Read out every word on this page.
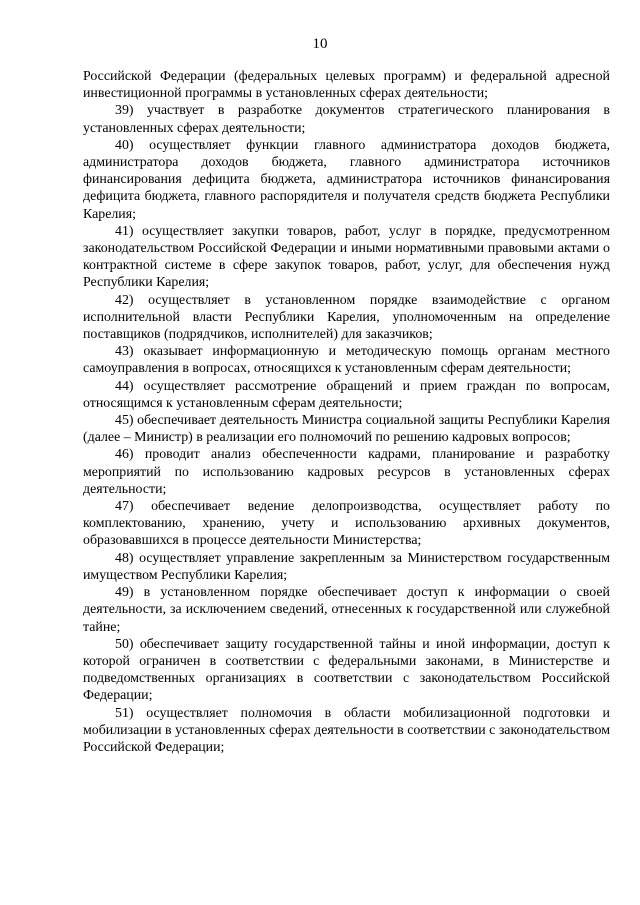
10

Российской Федерации (федеральных целевых программ) и федеральной адресной инвестиционной программы в установленных сферах деятельности;

39) участвует в разработке документов стратегического планирования в установленных сферах деятельности;

40) осуществляет функции главного администратора доходов бюджета, администратора доходов бюджета, главного администратора источников финансирования дефицита бюджета, администратора источников финансирования дефицита бюджета, главного распорядителя и получателя средств бюджета Республики Карелия;

41) осуществляет закупки товаров, работ, услуг в порядке, предусмотренном законодательством Российской Федерации и иными нормативными правовыми актами о контрактной системе в сфере закупок товаров, работ, услуг, для обеспечения нужд Республики Карелия;

42) осуществляет в установленном порядке взаимодействие с органом исполнительной власти Республики Карелия, уполномоченным на определение поставщиков (подрядчиков, исполнителей) для заказчиков;

43) оказывает информационную и методическую помощь органам местного самоуправления в вопросах, относящихся к установленным сферам деятельности;

44) осуществляет рассмотрение обращений и прием граждан по вопросам, относящимся к установленным сферам деятельности;

45) обеспечивает деятельность Министра социальной защиты Республики Карелия (далее – Министр) в реализации его полномочий по решению кадровых вопросов;

46) проводит анализ обеспеченности кадрами, планирование и разработку мероприятий по использованию кадровых ресурсов в установленных сферах деятельности;

47) обеспечивает ведение делопроизводства, осуществляет работу по комплектованию, хранению, учету и использованию архивных документов, образовавшихся в процессе деятельности Министерства;

48) осуществляет управление закрепленным за Министерством государственным имуществом Республики Карелия;

49) в установленном порядке обеспечивает доступ к информации о своей деятельности, за исключением сведений, отнесенных к государственной или служебной тайне;

50) обеспечивает защиту государственной тайны и иной информации, доступ к которой ограничен в соответствии с федеральными законами, в Министерстве и подведомственных организациях в соответствии с законодательством Российской Федерации;

51) осуществляет полномочия в области мобилизационной подготовки и мобилизации в установленных сферах деятельности в соответствии с законодательством Российской Федерации;
